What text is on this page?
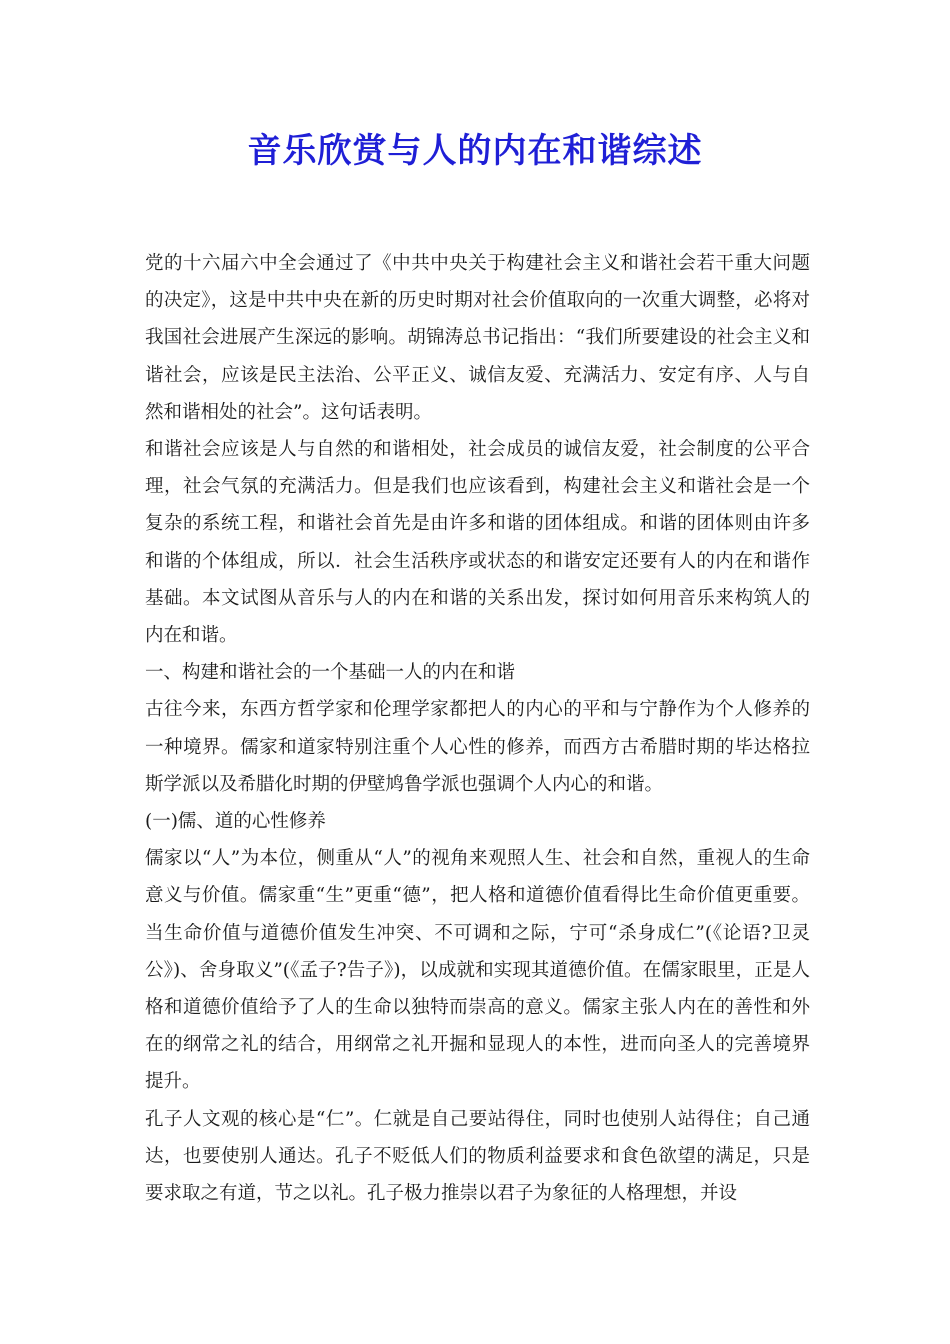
音乐欣赏与人的内在和谐综述

党的十六届六中全会通过了《中共中央关于构建社会主义和谐社会若干重大问题的决定》，这是中共中央在新的历史时期对社会价值取向的一次重大调整，必将对我国社会进展产生深远的影响。胡锦涛总书记指出：“我们所要建设的社会主义和谐社会，应该是民主法治、公平正义、诚信友爱、充满活力、安定有序、人与自然和谐相处的社会”。这句话表明。

和谐社会应该是人与自然的和谐相处，社会成员的诚信友爱，社会制度的公平合理，社会气氛的充满活力。但是我们也应该看到，构建社会主义和谐社会是一个复杂的系统工程，和谐社会首先是由许多和谐的团体组成。和谐的团体则由许多和谐的个体组成，所以．社会生活秩序或状态的和谐安定还要有人的内在和谐作基础。本文试图从音乐与人的内在和谐的关系出发，探讨如何用音乐来构筑人的内在和谐。

一、构建和谐社会的一个基础一人的内在和谐

古往今来，东西方哲学家和伦理学家都把人的内心的平和与宁静作为个人修养的一种境界。儒家和道家特别注重个人心性的修养，而西方古希腊时期的毕达格拉斯学派以及希腊化时期的伊壁鸠鲁学派也强调个人内心的和谐。

(一)儒、道的心性修养

儒家以“人”为本位，侧重从“人”的视角来观照人生、社会和自然，重视人的生命意义与价值。儒家重“生”更重“德”，把人格和道德价值看得比生命价值更重要。当生命价值与道德价值发生冲突、不可调和之际，宁可“杀身成仁”(《论语?卫灵公》)、舍身取义”(《孟子?告子》)，以成就和实现其道德价值。在儒家眼里，正是人格和道德价值给予了人的生命以独特而崇高的意义。儒家主张人内在的善性和外在的纲常之礼的结合，用纲常之礼开掘和显现人的本性，进而向圣人的完善境界提升。

孔子人文观的核心是“仁”。仁就是自己要站得住，同时也使别人站得住；自己通达，也要使别人通达。孔子不贬低人们的物质利益要求和食色欲望的满足，只是要求取之有道，节之以礼。孔子极力推崇以君子为象征的人格理想，并设
